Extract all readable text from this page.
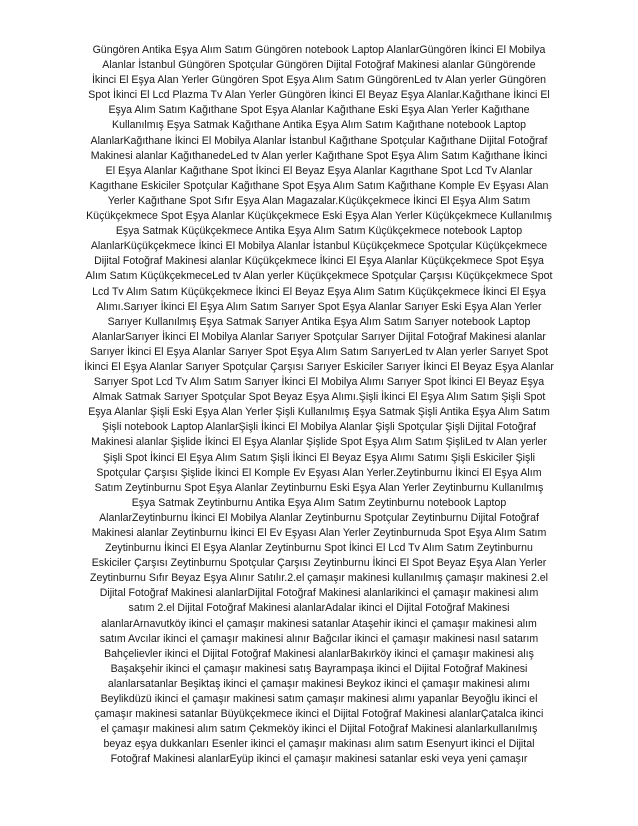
Güngören Antika Eşya Alım Satım Güngören notebook Laptop AlanlarGüngören İkinci El Mobilya
Alanlar İstanbul Güngören Spotçular Güngören Dijital Fotoğraf Makinesi alanlar Güngörende
İkinci El Eşya Alan Yerler Güngören Spot Eşya Alım Satım GüngörenLed tv Alan yerler Güngören
Spot İkinci El Lcd Plazma Tv Alan Yerler Güngören İkinci El Beyaz Eşya Alanlar.Kağıthane İkinci El
Eşya Alım Satım Kağıthane Spot Eşya Alanlar Kağıthane Eski Eşya Alan Yerler Kağıthane
Kullanılmış Eşya Satmak Kağıthane Antika Eşya Alım Satım Kağıthane notebook Laptop
AlanlarKağıthane İkinci El Mobilya Alanlar İstanbul Kağıthane Spotçular Kağıthane Dijital Fotoğraf
Makinesi alanlar KağıthanedeLed tv Alan yerler Kağıthane Spot Eşya Alım Satım Kağıthane İkinci
El Eşya Alanlar Kağıthane Spot İkinci El Beyaz Eşya Alanlar Kagıthane Spot Lcd Tv Alanlar
Kagıthane Eskiciler Spotçular Kağıthane Spot Eşya Alım Satım Kağıthane Komple Ev Eşyası Alan
Yerler Kağıthane Spot Sıfır Eşya Alan Magazalar.Küçükçekmece İkinci El Eşya Alım Satım
Küçükçekmece Spot Eşya Alanlar Küçükçekmece Eski Eşya Alan Yerler Küçükçekmece Kullanılmış
Eşya Satmak Küçükçekmece Antika Eşya Alım Satım Küçükçekmece notebook Laptop
AlanlarKüçükçekmece İkinci El Mobilya Alanlar İstanbul Küçükçekmece Spotçular Küçükçekmece
Dijital Fotoğraf Makinesi alanlar Küçükçekmece İkinci El Eşya Alanlar Küçükçekmece Spot Eşya
Alım Satım KüçükçekmeceLed tv Alan yerler Küçükçekmece Spotçular Çarşısı Küçükçekmece Spot
Lcd Tv Alım Satım Küçükçekmece İkinci El Beyaz Eşya Alım Satım Küçükçekmece İkinci El Eşya
Alımı.Sarıyer İkinci El Eşya Alım Satım Sarıyer Spot Eşya Alanlar Sarıyer Eski Eşya Alan Yerler
Sarıyer Kullanılmış Eşya Satmak Sarıyer Antika Eşya Alım Satım Sarıyer notebook Laptop
AlanlarSarıyer İkinci El Mobilya Alanlar Sarıyer Spotçular Sarıyer Dijital Fotoğraf Makinesi alanlar
Sarıyer İkinci El Eşya Alanlar Sarıyer Spot Eşya Alım Satım SarıyerLed tv Alan yerler Sarıyet Spot
İkinci El Eşya Alanlar Sarıyer Spotçular Çarşısı Sarıyer Eskiciler Sarıyer İkinci El Beyaz Eşya Alanlar
Sarıyer Spot Lcd Tv Alım Satım Sarıyer İkinci El Mobilya Alımı Sarıyer Spot İkinci El Beyaz Eşya
Almak Satmak Sarıyer Spotçular Spot Beyaz Eşya Alımı.Şişli İkinci El Eşya Alım Satım Şişli Spot
Eşya Alanlar Şişli Eski Eşya Alan Yerler Şişli Kullanılmış Eşya Satmak Şişli Antika Eşya Alım Satım
Şişli notebook Laptop AlanlarŞişli İkinci El Mobilya Alanlar Şişli Spotçular Şişli Dijital Fotoğraf
Makinesi alanlar Şişlide İkinci El Eşya Alanlar Şişlide Spot Eşya Alım Satım ŞişliLed tv Alan yerler
Şişli Spot İkinci El Eşya Alım Satım Şişli İkinci El Beyaz Eşya Alımı Satımı Şişli Eskiciler Şişli
Spotçular Çarşısı Şişlide İkinci El Komple Ev Eşyası Alan Yerler.Zeytinburnu İkinci El Eşya Alım
Satım Zeytinburnu Spot Eşya Alanlar Zeytinburnu Eski Eşya Alan Yerler Zeytinburnu Kullanılmış
Eşya Satmak Zeytinburnu Antika Eşya Alım Satım Zeytinburnu notebook Laptop
AlanlarZeytinburnu İkinci El Mobilya Alanlar Zeytinburnu Spotçular Zeytinburnu Dijital Fotoğraf
Makinesi alanlar Zeytinburnu İkinci El Ev Eşyası Alan Yerler Zeytinburnuda Spot Eşya Alım Satım
Zeytinburnu İkinci El Eşya Alanlar Zeytinburnu Spot İkinci El Lcd Tv Alım Satım Zeytinburnu
Eskiciler Çarşısı Zeytinburnu Spotçular Çarşısı Zeytinburnu İkinci El Spot Beyaz Eşya Alan Yerler
Zeytinburnu Sıfır Beyaz Eşya Alınır Satılır.2.el çamaşır makinesi kullanılmış çamaşır makinesi 2.el
Dijital Fotoğraf Makinesi alanlarDijital Fotoğraf Makinesi alanlarikinci el çamaşır makinesi alım
satım 2.el Dijital Fotoğraf Makinesi alanlarAdalar ikinci el Dijital Fotoğraf Makinesi
alanlarArnavutköy ikinci el çamaşır makinesi satanlar Ataşehir ikinci el çamaşır makinesi alım
satım Avcılar ikinci el çamaşır makinesi alınır Bağcılar ikinci el çamaşır makinesi nasıl satarım
Bahçelievler ikinci el Dijital Fotoğraf Makinesi alanlarBakırköy ikinci el çamaşır makinesi alış
Başakşehir ikinci el çamaşır makinesi satış Bayrampaşa ikinci el Dijital Fotoğraf Makinesi
alanlarsatanlar Beşiktaş ikinci el çamaşır makinesi Beykoz ikinci el çamaşır makinesi alımı
Beylikdüzü ikinci el çamaşır makinesi satım çamaşır makinesi alımı yapanlar Beyoğlu ikinci el
çamaşır makinesi satanlar Büyükçekmece ikinci el Dijital Fotoğraf Makinesi alanlarÇatalca ikinci
el çamaşır makinesi alım satım Çekmeköy ikinci el Dijital Fotoğraf Makinesi alanlarkullanılmış
beyaz eşya dukkanları Esenler ikinci el çamaşır makinası alım satım Esenyurt ikinci el Dijital
Fotoğraf Makinesi alanlarEyüp ikinci el çamaşır makinesi satanlar eski veya yeni çamaşır
